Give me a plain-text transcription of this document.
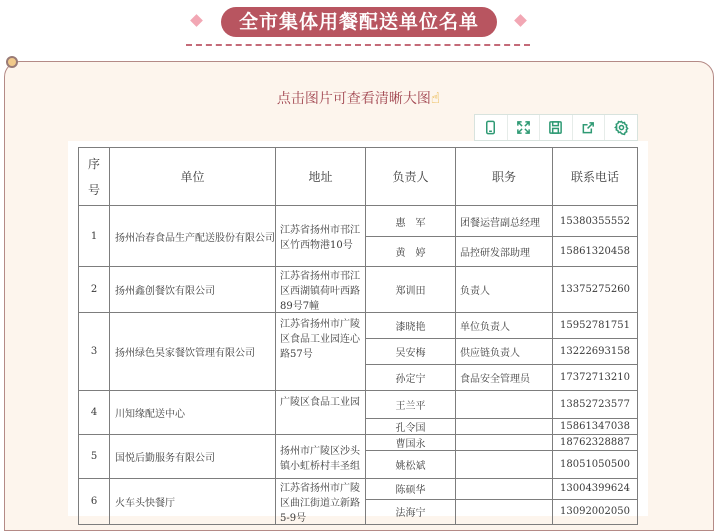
全市集体用餐配送单位名单
点击图片可查看清晰大图☝
序号	单位	地址	负责人	职务	联系电话
1	扬州冶春食品生产配送股份有限公司	江苏省扬州市邗江区竹西物港10号	惠　军	团餐运营副总经理	15380355552
			黄　婷	品控研发部助理	15861320458
2	扬州鑫创餐饮有限公司	江苏省扬州市邗江区西湖镇荷叶西路89号7幢	郑训田	负责人	13375275260
3	扬州绿色昊家餐饮管理有限公司	江苏省扬州市广陵区食品工业园连心路57号	漆晓艳	单位负责人	15952781751
			吴安梅	供应链负责人	13222693158
			孙定宁	食品安全管理员	17372713210
4	川知缘配送中心	广陵区食品工业园	王兰平		13852723577
			孔令国		15861347038
5	国悦后勤服务有限公司	扬州市广陵区沙头镇小虹桥村丰圣组	曹国永		18762328887
			姚松斌		18051050500
6	火车头快餐厅	江苏省扬州市广陵区曲江街道立新路5-9号	陈硕华		13004399624
			法海宁		13092002050
